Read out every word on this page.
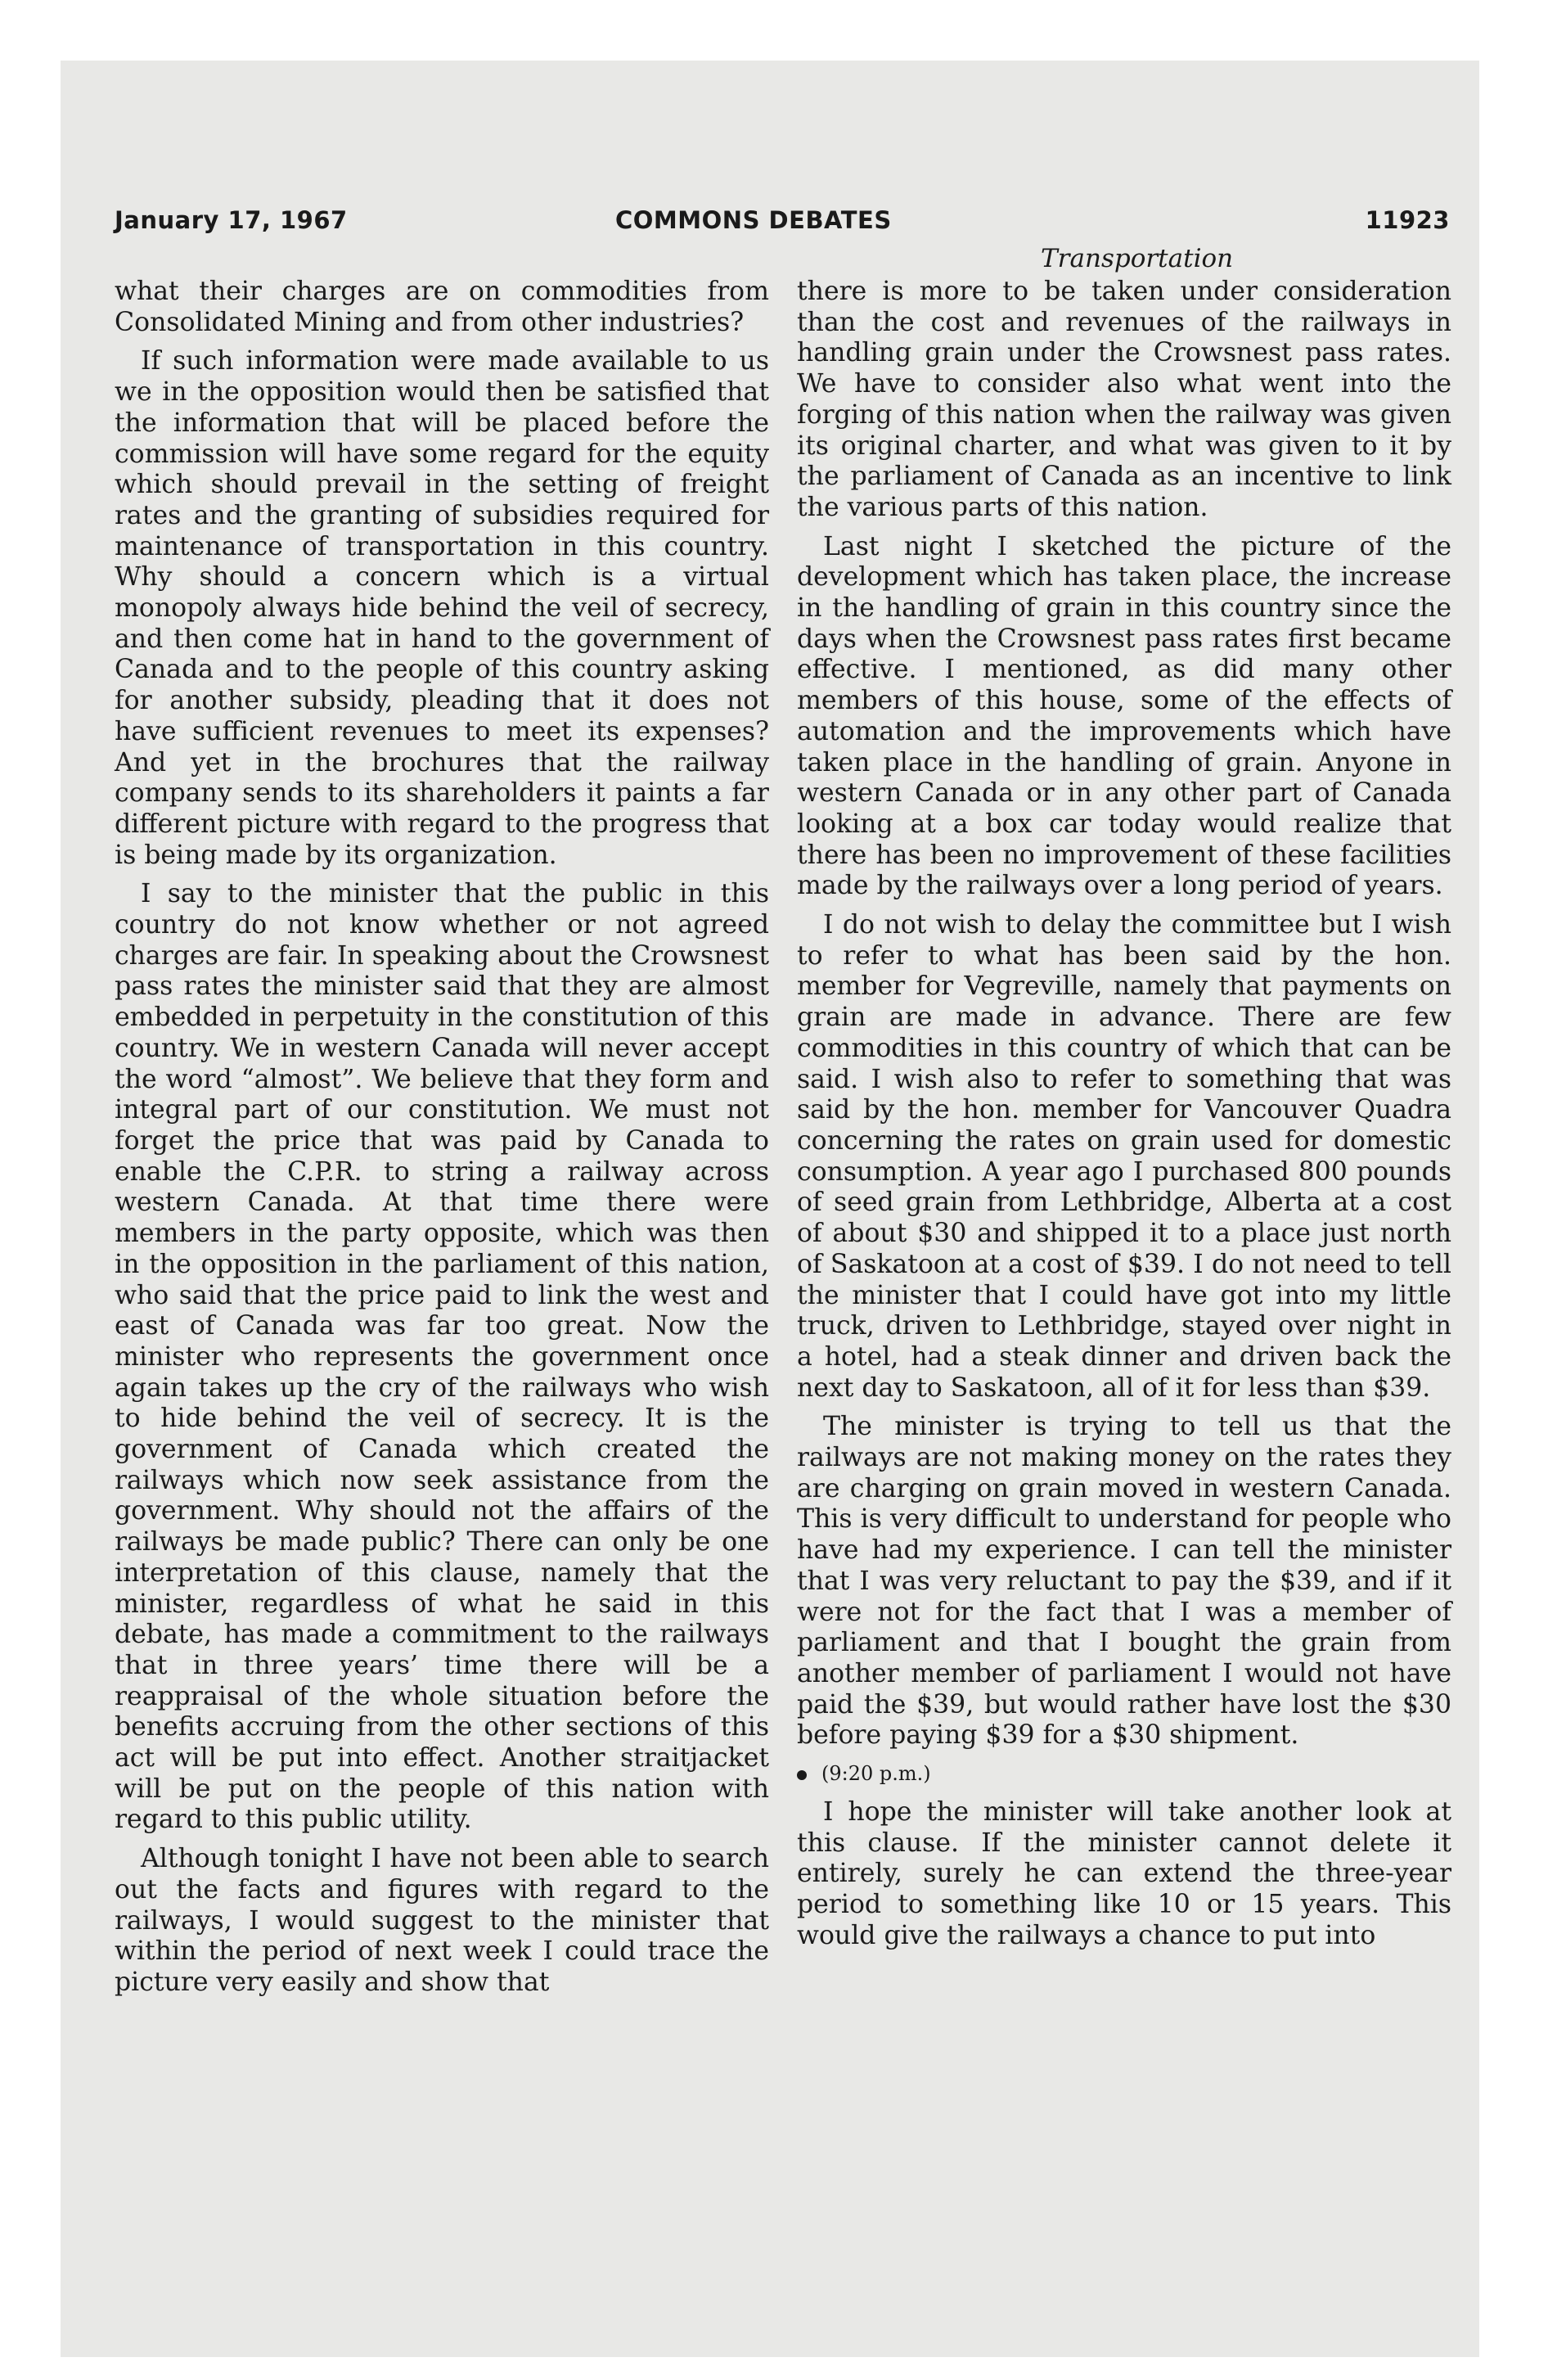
January 17, 1967	COMMONS DEBATES	11923
Transportation

what their charges are on commodities from Consolidated Mining and from other industries?

If such information were made available to us we in the opposition would then be satisfied that the information that will be placed before the commission will have some regard for the equity which should prevail in the setting of freight rates and the granting of subsidies required for maintenance of transportation in this country. Why should a concern which is a virtual monopoly always hide behind the veil of secrecy, and then come hat in hand to the government of Canada and to the people of this country asking for another subsidy, pleading that it does not have sufficient revenues to meet its expenses? And yet in the brochures that the railway company sends to its shareholders it paints a far different picture with regard to the progress that is being made by its organization.

I say to the minister that the public in this country do not know whether or not agreed charges are fair. In speaking about the Crowsnest pass rates the minister said that they are almost embedded in perpetuity in the constitution of this country. We in western Canada will never accept the word “almost”. We believe that they form and integral part of our constitution. We must not forget the price that was paid by Canada to enable the C.P.R. to string a railway across western Canada. At that time there were members in the party opposite, which was then in the opposition in the parliament of this nation, who said that the price paid to link the west and east of Canada was far too great. Now the minister who represents the government once again takes up the cry of the railways who wish to hide behind the veil of secrecy. It is the government of Canada which created the railways which now seek assistance from the government. Why should not the affairs of the railways be made public? There can only be one interpretation of this clause, namely that the minister, regardless of what he said in this debate, has made a commitment to the railways that in three years’ time there will be a reappraisal of the whole situation before the benefits accruing from the other sections of this act will be put into effect. Another straitjacket will be put on the people of this nation with regard to this public utility.

Although tonight I have not been able to search out the facts and figures with regard to the railways, I would suggest to the minister that within the period of next week I could trace the picture very easily and show that

there is more to be taken under consideration than the cost and revenues of the railways in handling grain under the Crowsnest pass rates. We have to consider also what went into the forging of this nation when the railway was given its original charter, and what was given to it by the parliament of Canada as an incentive to link the various parts of this nation.

Last night I sketched the picture of the development which has taken place, the increase in the handling of grain in this country since the days when the Crowsnest pass rates first became effective. I mentioned, as did many other members of this house, some of the effects of automation and the improvements which have taken place in the handling of grain. Anyone in western Canada or in any other part of Canada looking at a box car today would realize that there has been no improvement of these facilities made by the railways over a long period of years.

I do not wish to delay the committee but I wish to refer to what has been said by the hon. member for Vegreville, namely that payments on grain are made in advance. There are few commodities in this country of which that can be said. I wish also to refer to something that was said by the hon. member for Vancouver Quadra concerning the rates on grain used for domestic consumption. A year ago I purchased 800 pounds of seed grain from Lethbridge, Alberta at a cost of about $30 and shipped it to a place just north of Saskatoon at a cost of $39. I do not need to tell the minister that I could have got into my little truck, driven to Lethbridge, stayed over night in a hotel, had a steak dinner and driven back the next day to Saskatoon, all of it for less than $39.

The minister is trying to tell us that the railways are not making money on the rates they are charging on grain moved in western Canada. This is very difficult to understand for people who have had my experience. I can tell the minister that I was very reluctant to pay the $39, and if it were not for the fact that I was a member of parliament and that I bought the grain from another member of parliament I would not have paid the $39, but would rather have lost the $30 before paying $39 for a $30 shipment.

(9:20 p.m.)

I hope the minister will take another look at this clause. If the minister cannot delete it entirely, surely he can extend the three-year period to something like 10 or 15 years. This would give the railways a chance to put into
